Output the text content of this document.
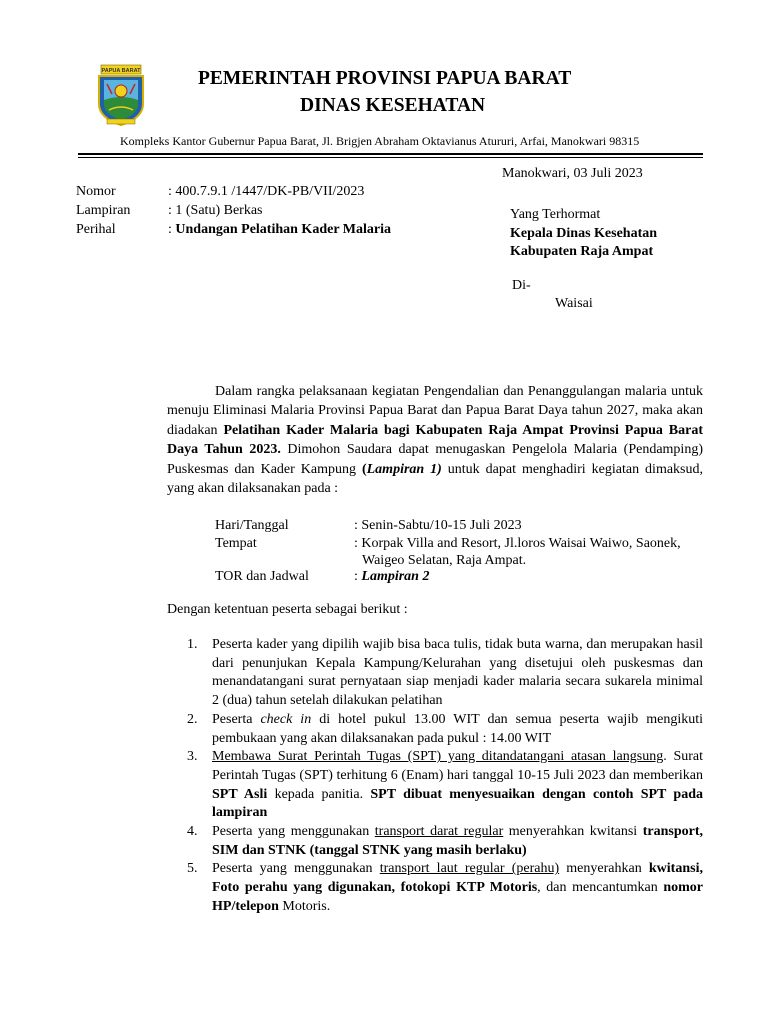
PAPUA BARAT	PEMERINTAH PROVINSI PAPUA BARAT
DINAS KESEHATAN
Kompleks Kantor Gubernur Papua Barat, Jl. Brigjen Abraham Oktavianus Atururi, Arfai, Manokwari 98315
Manokwari, 03 Juli 2023
Nomor	: 400.7.9.1 /1447/DK-PB/VII/2023
Lampiran	: 1 (Satu) Berkas
Perihal	: Undangan Pelatihan Kader Malaria
Yang Terhormat
Kepala Dinas Kesehatan
Kabupaten Raja Ampat
Di-
Waisai

Dalam rangka pelaksanaan kegiatan Pengendalian dan Penanggulangan malaria untuk menuju Eliminasi Malaria Provinsi Papua Barat dan Papua Barat Daya tahun 2027, maka akan diadakan Pelatihan Kader Malaria bagi Kabupaten Raja Ampat Provinsi Papua Barat Daya Tahun 2023. Dimohon Saudara dapat menugaskan Pengelola Malaria (Pendamping) Puskesmas dan Kader Kampung (Lampiran 1) untuk dapat menghadiri kegiatan dimaksud, yang akan dilaksanakan pada :

Hari/Tanggal	: Senin-Sabtu/10-15 Juli 2023
Tempat	: Korpak Villa and Resort, Jl.loros Waisai Waiwo, Saonek,
Waigeo Selatan, Raja Ampat.
TOR dan Jadwal	: Lampiran 2
Dengan ketentuan peserta sebagai berikut :
1. Peserta kader yang dipilih wajib bisa baca tulis, tidak buta warna, dan merupakan hasil dari penunjukan Kepala Kampung/Kelurahan yang disetujui oleh puskesmas dan menandatangani surat pernyataan siap menjadi kader malaria secara sukarela minimal 2 (dua) tahun setelah dilakukan pelatihan
2. Peserta check in di hotel pukul 13.00 WIT dan semua peserta wajib mengikuti pembukaan yang akan dilaksanakan pada pukul : 14.00 WIT
3. Membawa Surat Perintah Tugas (SPT) yang ditandatangani atasan langsung. Surat Perintah Tugas (SPT) terhitung 6 (Enam) hari tanggal 10-15 Juli 2023 dan memberikan SPT Asli kepada panitia. SPT dibuat menyesuaikan dengan contoh SPT pada lampiran
4. Peserta yang menggunakan transport darat regular menyerahkan kwitansi transport, SIM dan STNK (tanggal STNK yang masih berlaku)
5. Peserta yang menggunakan transport laut regular (perahu) menyerahkan kwitansi, Foto perahu yang digunakan, fotokopi KTP Motoris, dan mencantumkan nomor HP/telepon Motoris.
